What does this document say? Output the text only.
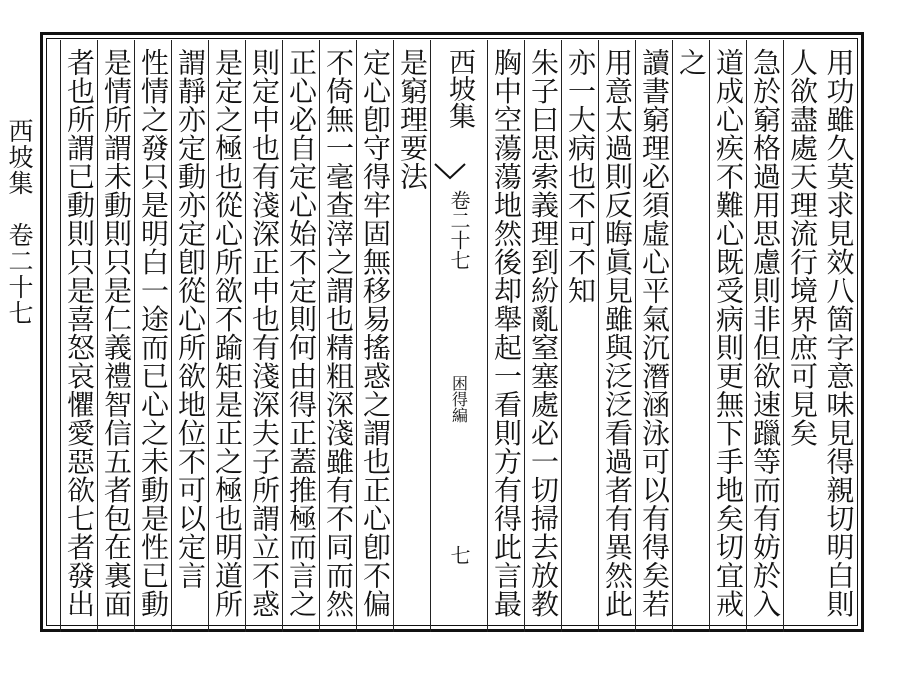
西坡集　卷二十七	用功雖久莫求見效八箇字意味見得親切明白則
人欲盡處天理流行境界庶可見矣
急於窮格過用思慮則非但欲速躐等而有妨於入
道成心疾不難心既受病則更無下手地矣切宜戒
之
讀書窮理必須虛心平氣沉潛涵泳可以有得矣若
用意太過則反晦眞見雖與泛泛看過者有異然此
亦一大病也不可不知
朱子曰思索義理到紛亂窒塞處必一切掃去放教
胸中空蕩蕩地然後却舉起一看則方有得此言最
西坡集
卷二十七
困得編
七
是窮理要法
定心卽守得牢固無移易搖惑之謂也正心卽不偏
不倚無一毫查滓之謂也精粗深淺雖有不同而然
正心必自定心始不定則何由得正蓋推極而言之
則定中也有淺深正中也有淺深夫子所謂立不惑
是定之極也從心所欲不踰矩是正之極也明道所
謂靜亦定動亦定卽從心所欲地位不可以定言
性情之發只是明白一途而已心之未動是性已動
是情所謂未動則只是仁義禮智信五者包在裏面
者也所謂已動則只是喜怒哀懼愛惡欲七者發出
